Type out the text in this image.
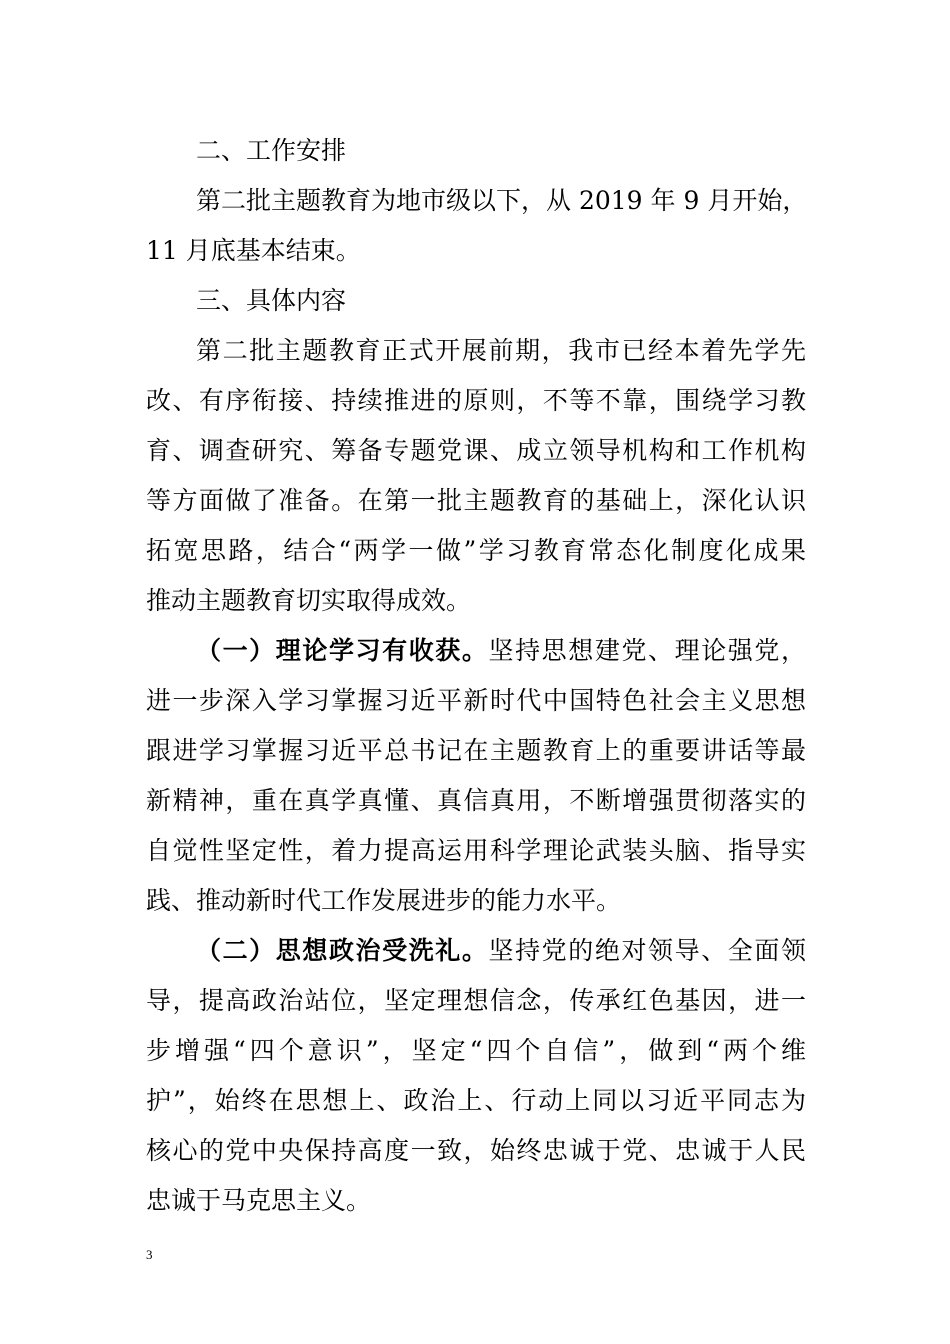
二、工作安排
第二批主题教育为地市级以下，从 2019 年 9 月开始，
11 月底基本结束。
三、具体内容
第二批主题教育正式开展前期，我市已经本着先学先
改、有序衔接、持续推进的原则，不等不靠，围绕学习教
育、调查研究、筹备专题党课、成立领导机构和工作机构
等方面做了准备。在第一批主题教育的基础上，深化认识
拓宽思路，结合“两学一做”学习教育常态化制度化成果
推动主题教育切实取得成效。
（一）理论学习有收获。坚持思想建党、理论强党，
进一步深入学习掌握习近平新时代中国特色社会主义思想
跟进学习掌握习近平总书记在主题教育上的重要讲话等最
新精神，重在真学真懂、真信真用，不断增强贯彻落实的
自觉性坚定性，着力提高运用科学理论武装头脑、指导实
践、推动新时代工作发展进步的能力水平。
（二）思想政治受洗礼。坚持党的绝对领导、全面领
导，提高政治站位，坚定理想信念，传承红色基因，进一
步增强“四个意识”，坚定“四个自信”，做到“两个维
护”，始终在思想上、政治上、行动上同以习近平同志为
核心的党中央保持高度一致，始终忠诚于党、忠诚于人民
忠诚于马克思主义。
3
